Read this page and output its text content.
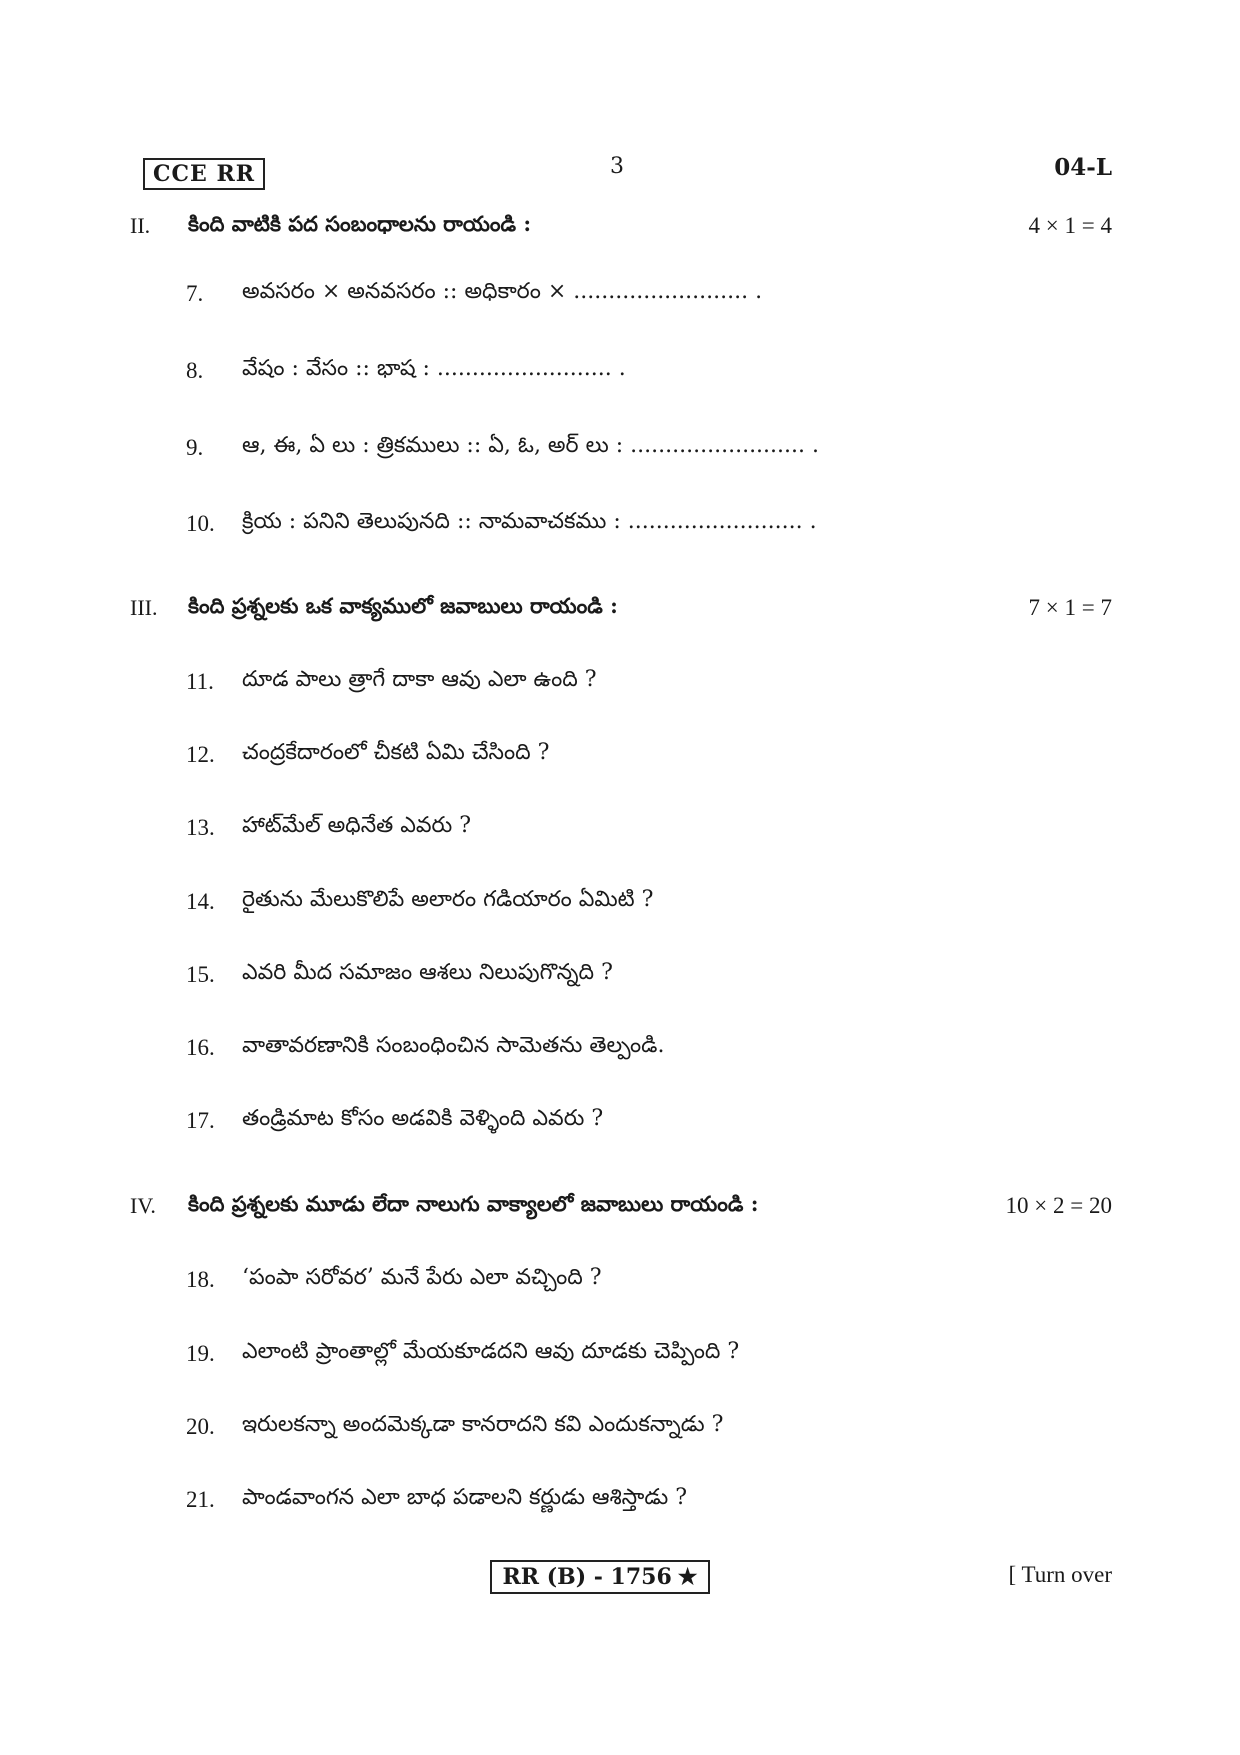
CCE RR	3	04-L
II.	కింది వాటికి పద సంబంధాలను రాయండి :	4 × 1 = 4
7.	అవసరం × అనవసరం :: అధికారం × ......................... .
8.	వేషం : వేసం :: భాష : ......................... .
9.	ఆ, ఈ, ఏ లు : త్రికములు :: ఏ, ఓ, అర్ లు : ......................... .
10.	క్రియ : పనిని తెలుపునది :: నామవాచకము : ......................... .
III.	కింది ప్రశ్నలకు ఒక వాక్యములో జవాబులు రాయండి :	7 × 1 = 7
11.	దూడ పాలు త్రాగే దాకా ఆవు ఎలా ఉంది ?
12.	చంద్రకేదారంలో చీకటి ఏమి చేసింది ?
13.	హాట్‌మేల్ అధినేత ఎవరు ?
14.	రైతును మేలుకొలిపే అలారం గడియారం ఏమిటి ?
15.	ఎవరి మీద సమాజం ఆశలు నిలుపుగొన్నది ?
16.	వాతావరణానికి సంబంధించిన సామెతను తెల్పండి.
17.	తండ్రిమాట కోసం అడవికి వెళ్ళింది ఎవరు ?
IV.	కింది ప్రశ్నలకు మూడు లేదా నాలుగు వాక్యాలలో జవాబులు రాయండి :	10 × 2 = 20
18.	‘పంపా సరోవర’ మనే పేరు ఎలా వచ్చింది ?
19.	ఎలాంటి ప్రాంతాల్లో మేయకూడదని ఆవు దూడకు చెప్పింది ?
20.	ఇరులకన్నా అందమెక్కడా కానరాదని కవి ఎందుకన్నాడు ?
21.	పాండవాంగన ఎలా బాధ పడాలని కర్ణుడు ఆశిస్తాడు ?
RR (B) - 1756 ★	[ Turn over
